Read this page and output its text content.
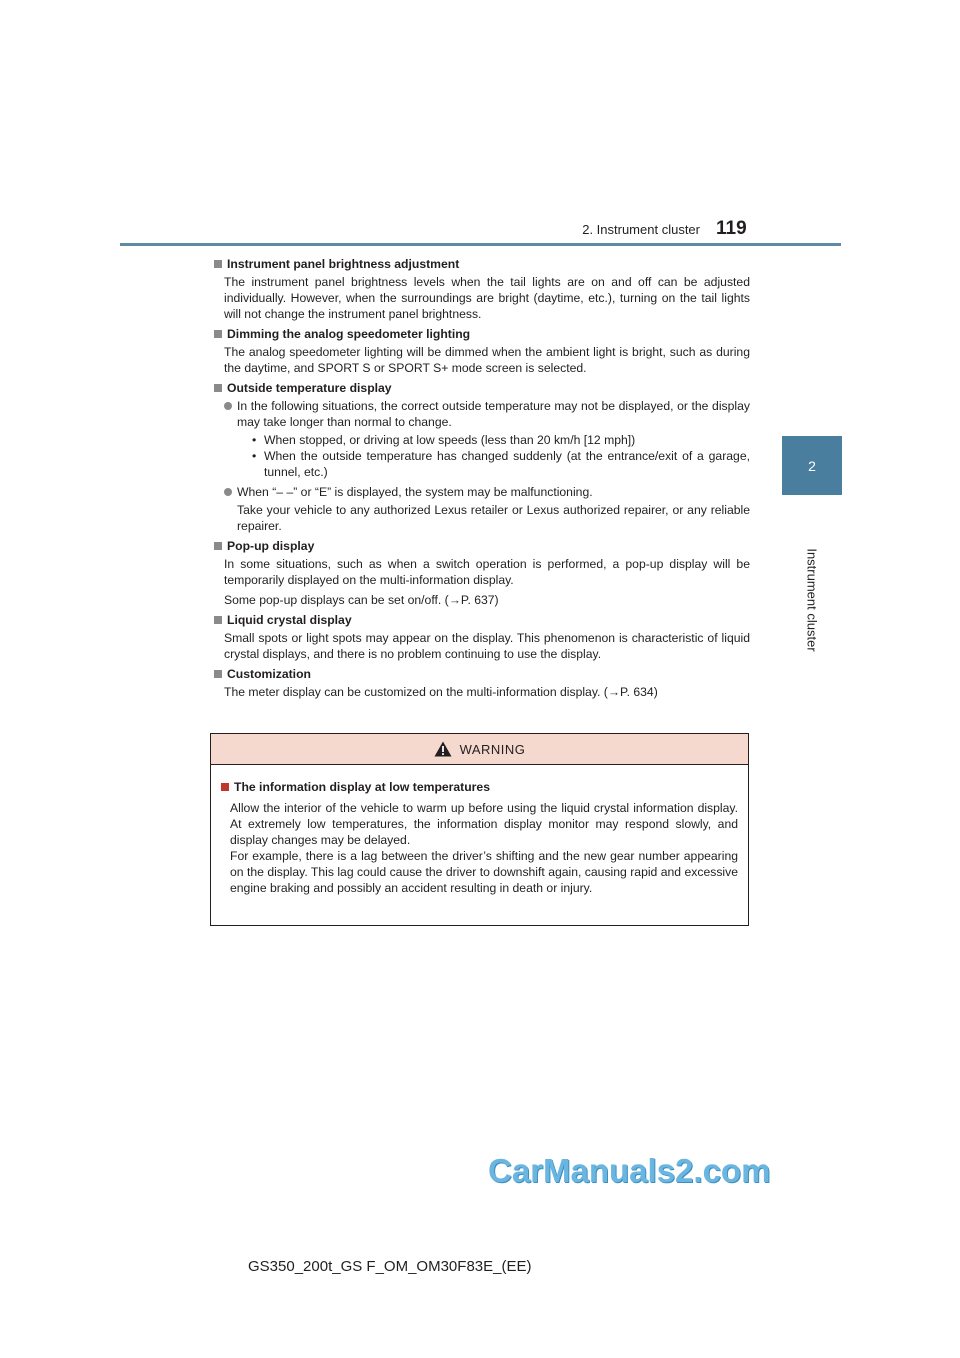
2. Instrument cluster 119
2
Instrument cluster
Instrument panel brightness adjustment

The instrument panel brightness levels when the tail lights are on and off can be adjusted individually. However, when the surroundings are bright (daytime, etc.), turning on the tail lights will not change the instrument panel brightness.

Dimming the analog speedometer lighting

The analog speedometer lighting will be dimmed when the ambient light is bright, such as during the daytime, and SPORT S or SPORT S+ mode screen is selected.

Outside temperature display
In the following situations, the correct outside temperature may not be displayed, or the display may take longer than normal to change.
• When stopped, or driving at low speeds (less than 20 km/h [12 mph])
• When the outside temperature has changed suddenly (at the entrance/exit of a garage, tunnel, etc.)
When “– –” or “E” is displayed, the system may be malfunctioning.
Take your vehicle to any authorized Lexus retailer or Lexus authorized repairer, or any reliable repairer.
Pop-up display

In some situations, such as when a switch operation is performed, a pop-up display will be temporarily displayed on the multi-information display.

Some pop-up displays can be set on/off. (→P. 637)

Liquid crystal display

Small spots or light spots may appear on the display. This phenomenon is characteristic of liquid crystal displays, and there is no problem continuing to use the display.

Customization

The meter display can be customized on the multi-information display. (→P. 634)

WARNING
The information display at low temperatures
Allow the interior of the vehicle to warm up before using the liquid crystal information display. At extremely low temperatures, the information display monitor may respond slowly, and display changes may be delayed.
For example, there is a lag between the driver’s shifting and the new gear number appearing on the display. This lag could cause the driver to downshift again, causing rapid and excessive engine braking and possibly an accident resulting in death or injury.
CarManuals2.com
GS350_200t_GS F_OM_OM30F83E_(EE)
